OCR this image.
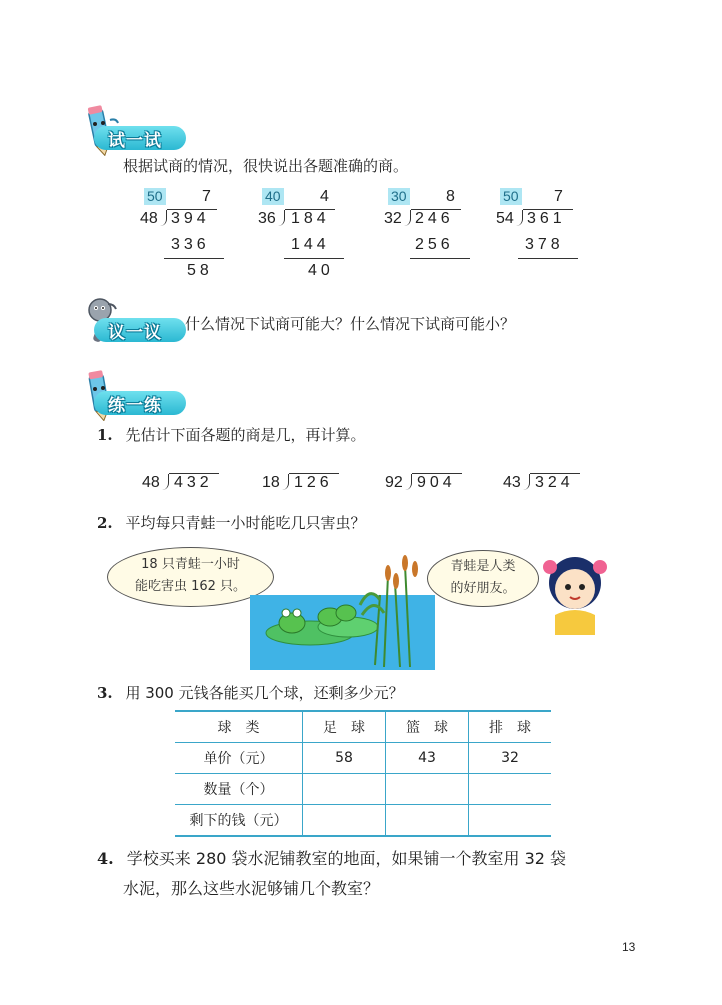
试一试
根据试商的情况，很快说出各题准确的商。
50 7
48 394
336
58
40 4
36 184
144
40
30 8
32 246
256
50 7
54 361
378
议一议 什么情况下试商可能大？什么情况下试商可能小？
练一练
1. 先估计下面各题的商是几，再计算。
48 432	18 126	92 904	43 324
2. 平均每只青蛙一小时能吃几只害虫？
18 只青蛙一小时
能吃害虫 162 只。
青蛙是人类
的好朋友。
3. 用 300 元钱各能买几个球，还剩多少元？
球　类	足　球	篮　球	排　球
单价（元）	58	43	32
数量（个）			
剩下的钱（元）			
4. 学校买来 280 袋水泥铺教室的地面，如果铺一个教室用 32 袋
水泥，那么这些水泥够铺几个教室？
13
